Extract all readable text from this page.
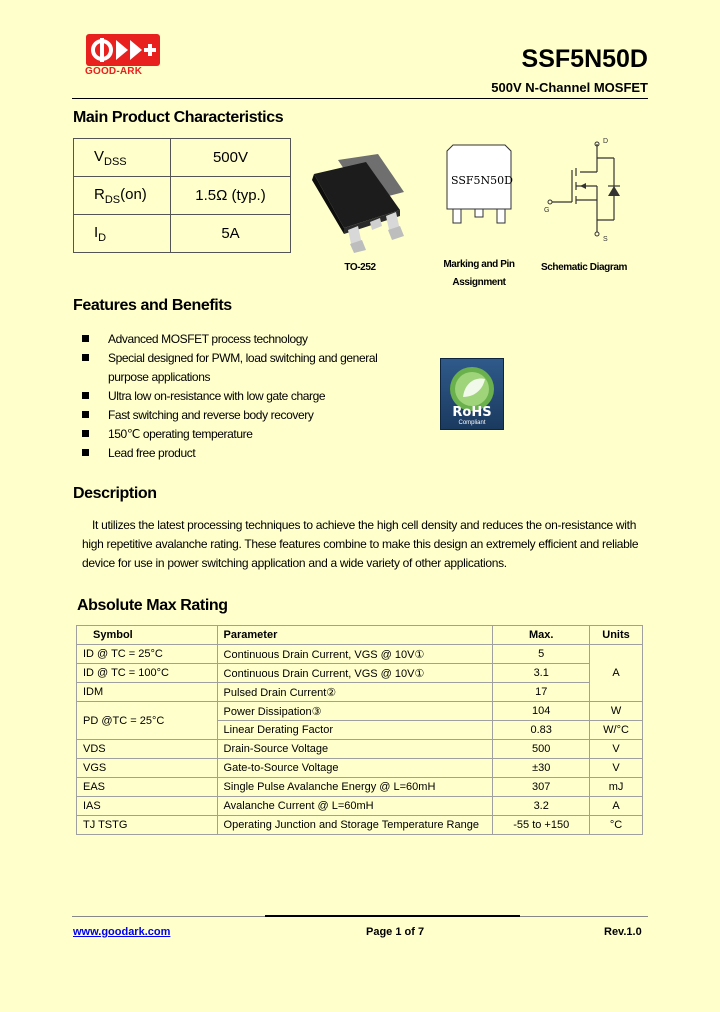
GOOD-ARK	SSF5N50D
500V N-Channel MOSFET
Main Product Characteristics
$V_{DSS}$	500V
$R_{DS}(on)$	1.5Ω (typ.)
$I_D$	5A
TO-252
SSF5N50D
Marking and Pin
Assignment
D
G
S
Schematic Diagram
Features and Benefits
Advanced MOSFET process technology
Special designed for PWM, load switching and general purpose applications
Ultra low on-resistance with low gate charge
Fast switching and reverse body recovery
150℃ operating temperature
Lead free product
RoHS
Compliant
Description
It utilizes the latest processing techniques to achieve the high cell density and reduces the on-resistance with high repetitive avalanche rating. These features combine to make this design an extremely efficient and reliable device for use in power switching application and a wide variety of other applications.
Absolute Max Rating
Symbol	Parameter	Max.	Units
ID @ TC = 25°C	Continuous Drain Current, VGS @ 10V①	5	A
ID @ TC = 100°C	Continuous Drain Current, VGS @ 10V①	3.1	
IDM	Pulsed Drain Current②	17	
PD @TC = 25°C	Power Dissipation③	104	W
	Linear Derating Factor	0.83	W/°C
VDS	Drain-Source Voltage	500	V
VGS	Gate-to-Source Voltage	±30	V
EAS	Single Pulse Avalanche Energy @ L=60mH	307	mJ
IAS	Avalanche Current @ L=60mH	3.2	A
TJ TSTG	Operating Junction and Storage Temperature Range	-55 to +150	°C
www.goodark.com	Page 1 of 7	Rev.1.0
